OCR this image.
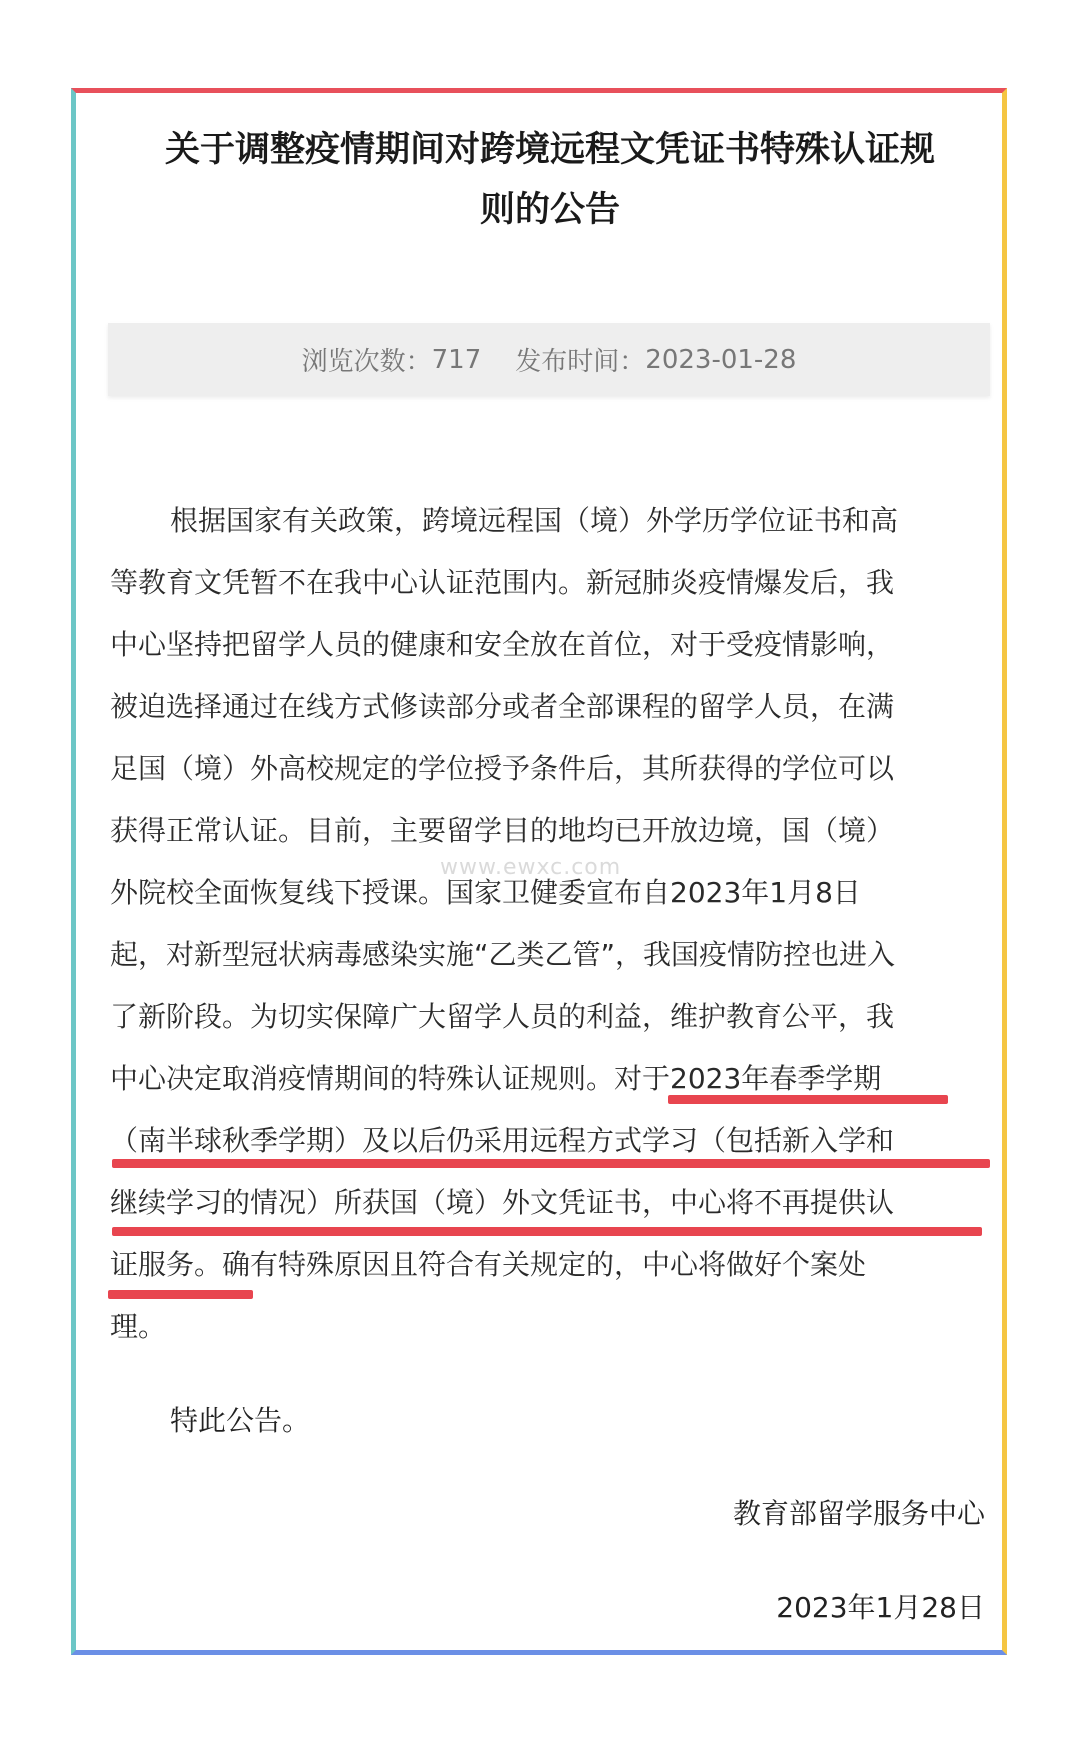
关于调整疫情期间对跨境远程文凭证书特殊认证规
则的公告
浏览次数： 717 发布时间： 2023-01-28
www.ewxc.com
根据国家有关政策，跨境远程国（境）外学历学位证书和高
等教育文凭暂不在我中心认证范围内。新冠肺炎疫情爆发后，我
中心坚持把留学人员的健康和安全放在首位，对于受疫情影响，
被迫选择通过在线方式修读部分或者全部课程的留学人员，在满
足国（境）外高校规定的学位授予条件后，其所获得的学位可以
获得正常认证。目前，主要留学目的地均已开放边境，国（境）
外院校全面恢复线下授课。国家卫健委宣布自2023年1月8日
起，对新型冠状病毒感染实施“乙类乙管”，我国疫情防控也进入
了新阶段。为切实保障广大留学人员的利益，维护教育公平，我
中心决定取消疫情期间的特殊认证规则。对于2023年春季学期
（南半球秋季学期）及以后仍采用远程方式学习（包括新入学和
继续学习的情况）所获国（境）外文凭证书，中心将不再提供认
证服务。确有特殊原因且符合有关规定的，中心将做好个案处
理。
特此公告。
教育部留学服务中心
2023年1月28日
